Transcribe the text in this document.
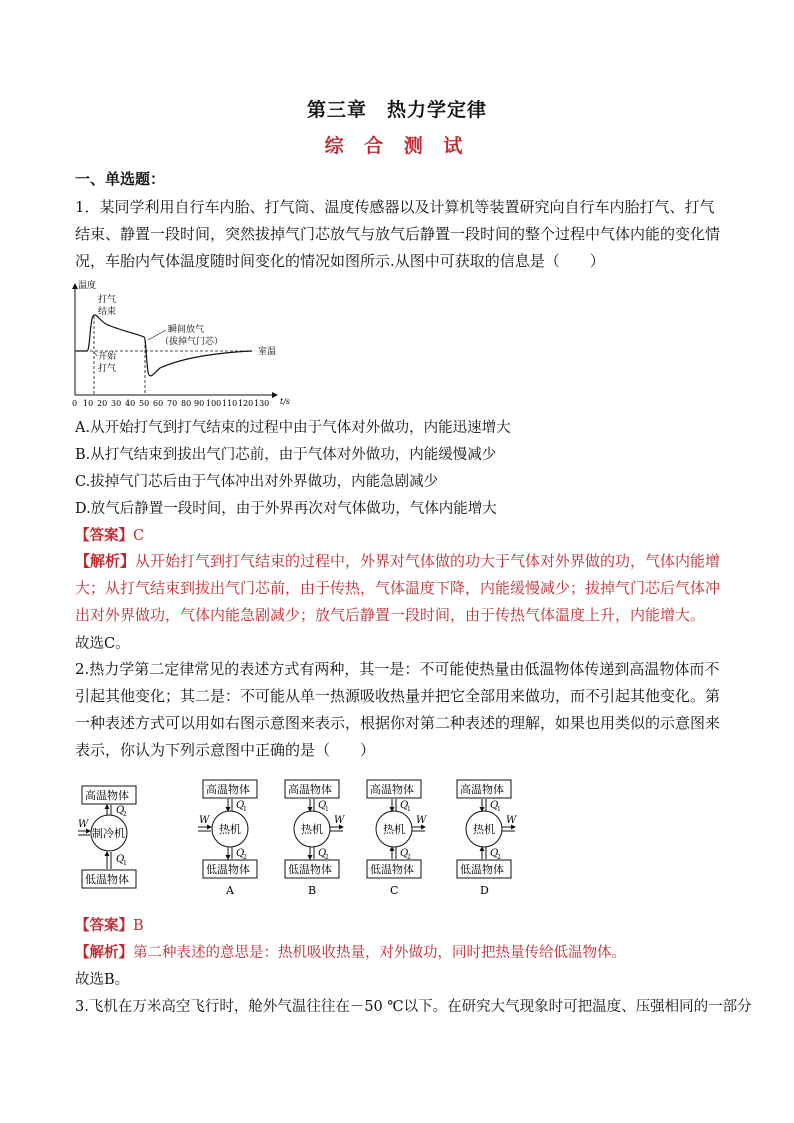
第三章　热力学定律
综 合 测 试
一、单选题：

1．某同学利用自行车内胎、打气筒、温度传感器以及计算机等装置研究向自行车内胎打气、打气结束、静置一段时间，突然拔掉气门芯放气与放气后静置一段时间的整个过程中气体内能的变化情况，车胎内气体温度随时间变化的情况如图所示.从图中可获取的信息是（　　）

温度
t/s
打气
结束
开始
打气
瞬间放气
（拔掉气门芯）
室温
0 10 20 30 40 50 60 70 80 90 100 110 120 130
A.从开始打气到打气结束的过程中由于气体对外做功，内能迅速增大
B.从打气结束到拔出气门芯前，由于气体对外做功，内能缓慢减少
C.拔掉气门芯后由于气体冲出对外界做功，内能急剧减少
D.放气后静置一段时间，由于外界再次对气体做功，气体内能增大
【答案】C

【解析】从开始打气到打气结束的过程中，外界对气体做的功大于气体对外界做的功，气体内能增大；从打气结束到拔出气门芯前，由于传热，气体温度下降，内能缓慢减少；拔掉气门芯后气体冲出对外界做功，气体内能急剧减少；放气后静置一段时间，由于传热气体温度上升，内能增大。

故选C。

2.热力学第二定律常见的表述方式有两种，其一是：不可能使热量由低温物体传递到高温物体而不引起其他变化；其二是：不可能从单一热源吸收热量并把它全部用来做功，而不引起其他变化。第一种表述方式可以用如右图示意图来表示，根据你对第二种表述的理解，如果也用类似的示意图来表示，你认为下列示意图中正确的是（　　）

高温物体
制冷机
低温物体
W
Q
2
Q
1
高温物体
热机
低温物体
W
Q
1
Q
2
A
高温物体
热机
低温物体
W
Q
1
Q
2
B
高温物体
热机
低温物体
W
Q
1
Q
2
C
高温物体
热机
低温物体
W
Q
1
Q
2
D
【答案】B
【解析】第二种表述的意思是：热机吸收热量，对外做功，同时把热量传给低温物体。
故选B。
3.飞机在万米高空飞行时，舱外气温往往在－50 ℃以下。在研究大气现象时可把温度、压强相同的一部分
